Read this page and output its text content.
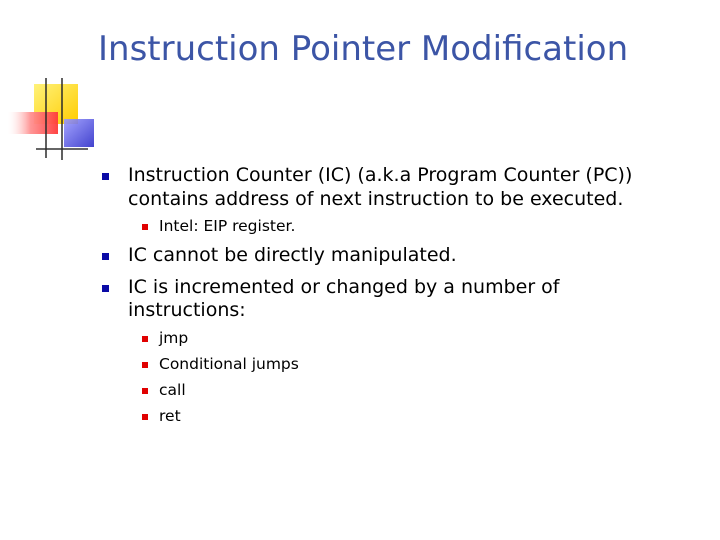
Instruction Pointer Modification
Instruction Counter (IC) (a.k.a Program Counter (PC)) contains address of next instruction to be executed.
Intel: EIP register.
IC cannot be directly manipulated.
IC is incremented or changed by a number of instructions:
jmp
Conditional jumps
call
ret
